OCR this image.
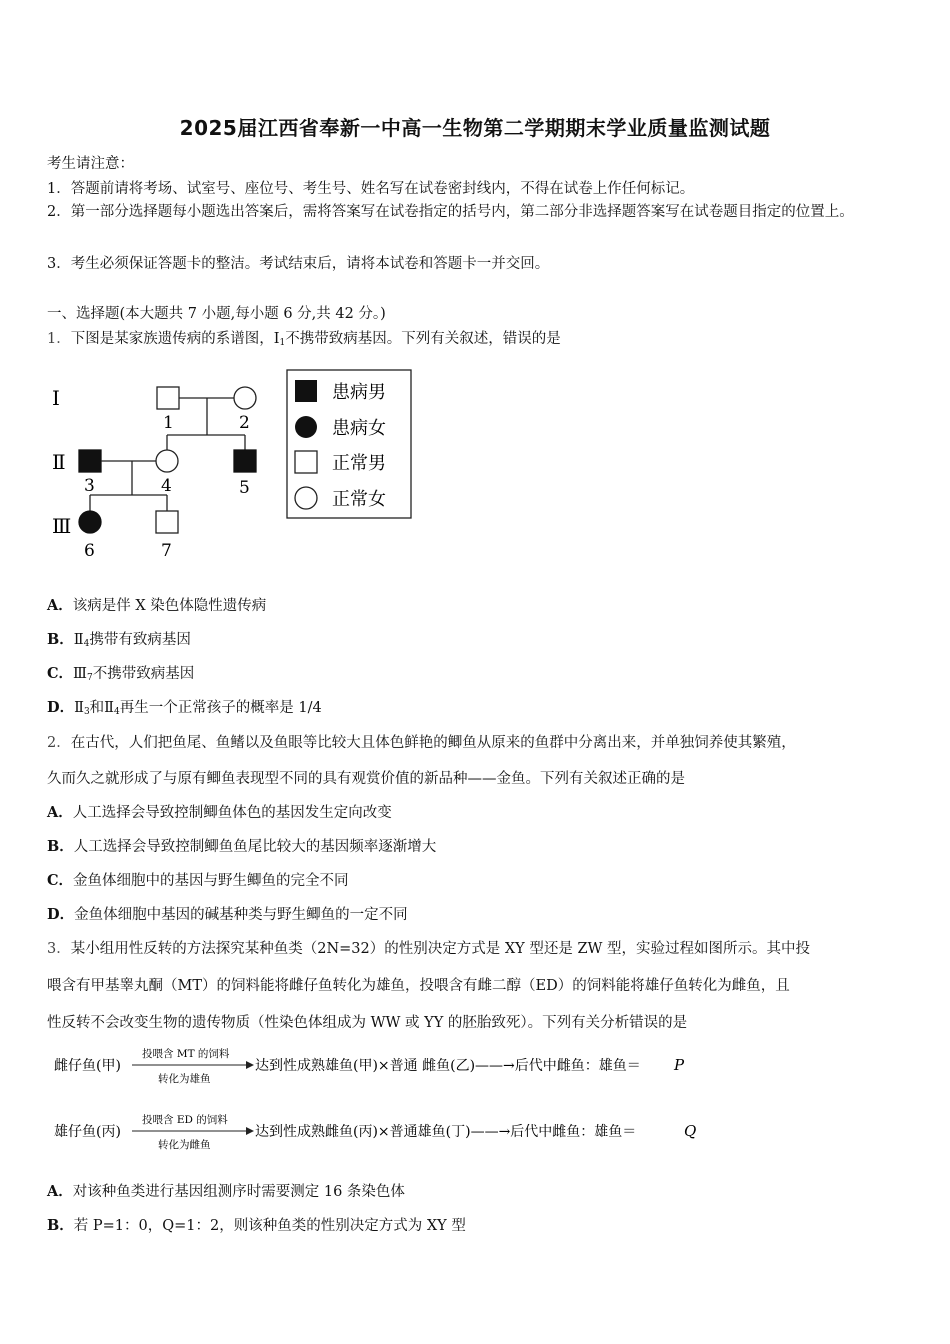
2025届江西省奉新一中高一生物第二学期期末学业质量监测试题
考生请注意：
1．答题前请将考场、试室号、座位号、考生号、姓名写在试卷密封线内，不得在试卷上作任何标记。
2．第一部分选择题每小题选出答案后，需将答案写在试卷指定的括号内，第二部分非选择题答案写在试卷题目指定的位置上。
3．考生必须保证答题卡的整洁。考试结束后，请将本试卷和答题卡一并交回。
一、选择题(本大题共 7 小题,每小题 6 分,共 42 分。)
1．下图是某家族遗传病的系谱图，$Ⅰ_1$不携带致病基因。下列有关叙述，错误的是
Ⅰ
Ⅱ
Ⅲ
1	2
3	4	5
6	7
患病男
患病女
正常男
正常女
A．该病是伴 X 染色体隐性遗传病
B．$Ⅱ_4$携带有致病基因
C．$Ⅲ_7$不携带致病基因
D．$Ⅱ_3$和$Ⅱ_4$再生一个正常孩子的概率是 1/4
2．在古代，人们把鱼尾、鱼鳍以及鱼眼等比较大且体色鲜艳的鲫鱼从原来的鱼群中分离出来，并单独饲养使其繁殖，
久而久之就形成了与原有鲫鱼表现型不同的具有观赏价值的新品种——金鱼。下列有关叙述正确的是
A．人工选择会导致控制鲫鱼体色的基因发生定向改变
B．人工选择会导致控制鲫鱼鱼尾比较大的基因频率逐渐增大
C．金鱼体细胞中的基因与野生鲫鱼的完全不同
D．金鱼体细胞中基因的碱基种类与野生鲫鱼的一定不同
3．某小组用性反转的方法探究某种鱼类（2N=32）的性别决定方式是 XY 型还是 ZW 型，实验过程如图所示。其中投
喂含有甲基睾丸酮（MT）的饲料能将雌仔鱼转化为雄鱼，投喂含有雌二醇（ED）的饲料能将雄仔鱼转化为雌鱼，且
性反转不会改变生物的遗传物质（性染色体组成为 WW 或 YY 的胚胎致死）。下列有关分析错误的是
雌仔鱼(甲)
投喂含 MT 的饲料
转化为雄鱼
达到性成熟雄鱼(甲)×普通 雌鱼(乙)——→后代中雌鱼：雄鱼＝ P
雄仔鱼(丙)
投喂含 ED 的饲料
转化为雌鱼
达到性成熟雌鱼(丙)×普通雄鱼(丁)——→后代中雌鱼：雄鱼＝	Q
A．对该种鱼类进行基因组测序时需要测定 16 条染色体
B．若 P=1：0，Q=1：2，则该种鱼类的性别决定方式为 XY 型
